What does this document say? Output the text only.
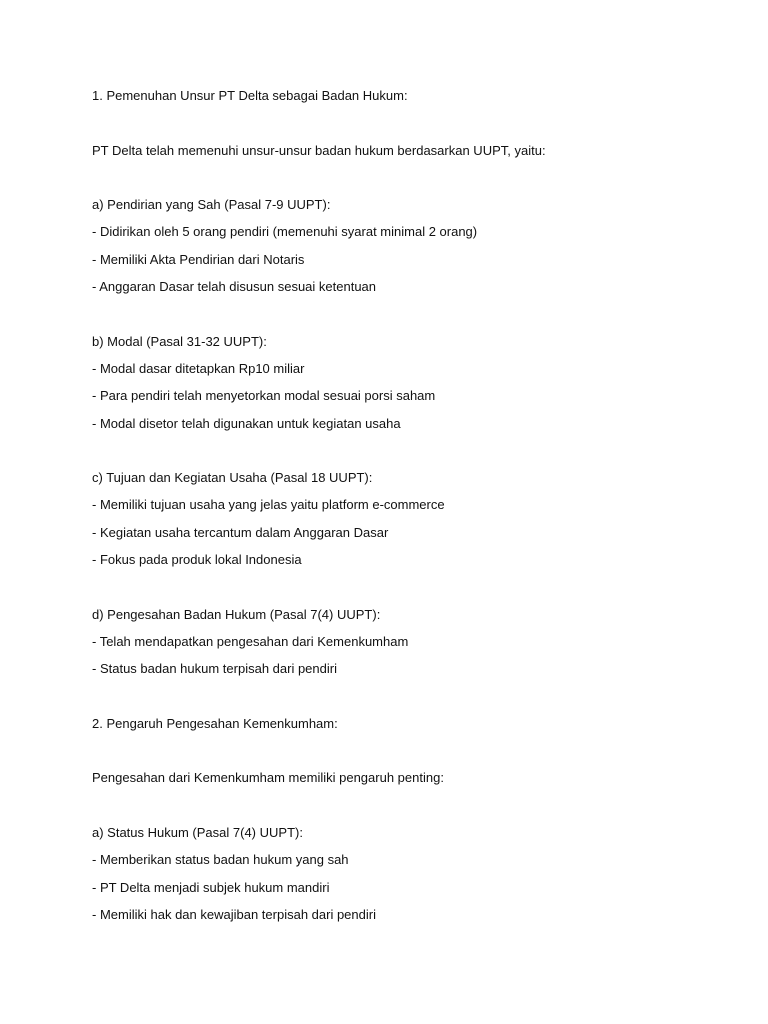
1. Pemenuhan Unsur PT Delta sebagai Badan Hukum:
PT Delta telah memenuhi unsur-unsur badan hukum berdasarkan UUPT, yaitu:
a) Pendirian yang Sah (Pasal 7-9 UUPT):
- Didirikan oleh 5 orang pendiri (memenuhi syarat minimal 2 orang)
- Memiliki Akta Pendirian dari Notaris
- Anggaran Dasar telah disusun sesuai ketentuan
b) Modal (Pasal 31-32 UUPT):
- Modal dasar ditetapkan Rp10 miliar
- Para pendiri telah menyetorkan modal sesuai porsi saham
- Modal disetor telah digunakan untuk kegiatan usaha
c) Tujuan dan Kegiatan Usaha (Pasal 18 UUPT):
- Memiliki tujuan usaha yang jelas yaitu platform e-commerce
- Kegiatan usaha tercantum dalam Anggaran Dasar
- Fokus pada produk lokal Indonesia
d) Pengesahan Badan Hukum (Pasal 7(4) UUPT):
- Telah mendapatkan pengesahan dari Kemenkumham
- Status badan hukum terpisah dari pendiri
2. Pengaruh Pengesahan Kemenkumham:
Pengesahan dari Kemenkumham memiliki pengaruh penting:
a) Status Hukum (Pasal 7(4) UUPT):
- Memberikan status badan hukum yang sah
- PT Delta menjadi subjek hukum mandiri
- Memiliki hak dan kewajiban terpisah dari pendiri
